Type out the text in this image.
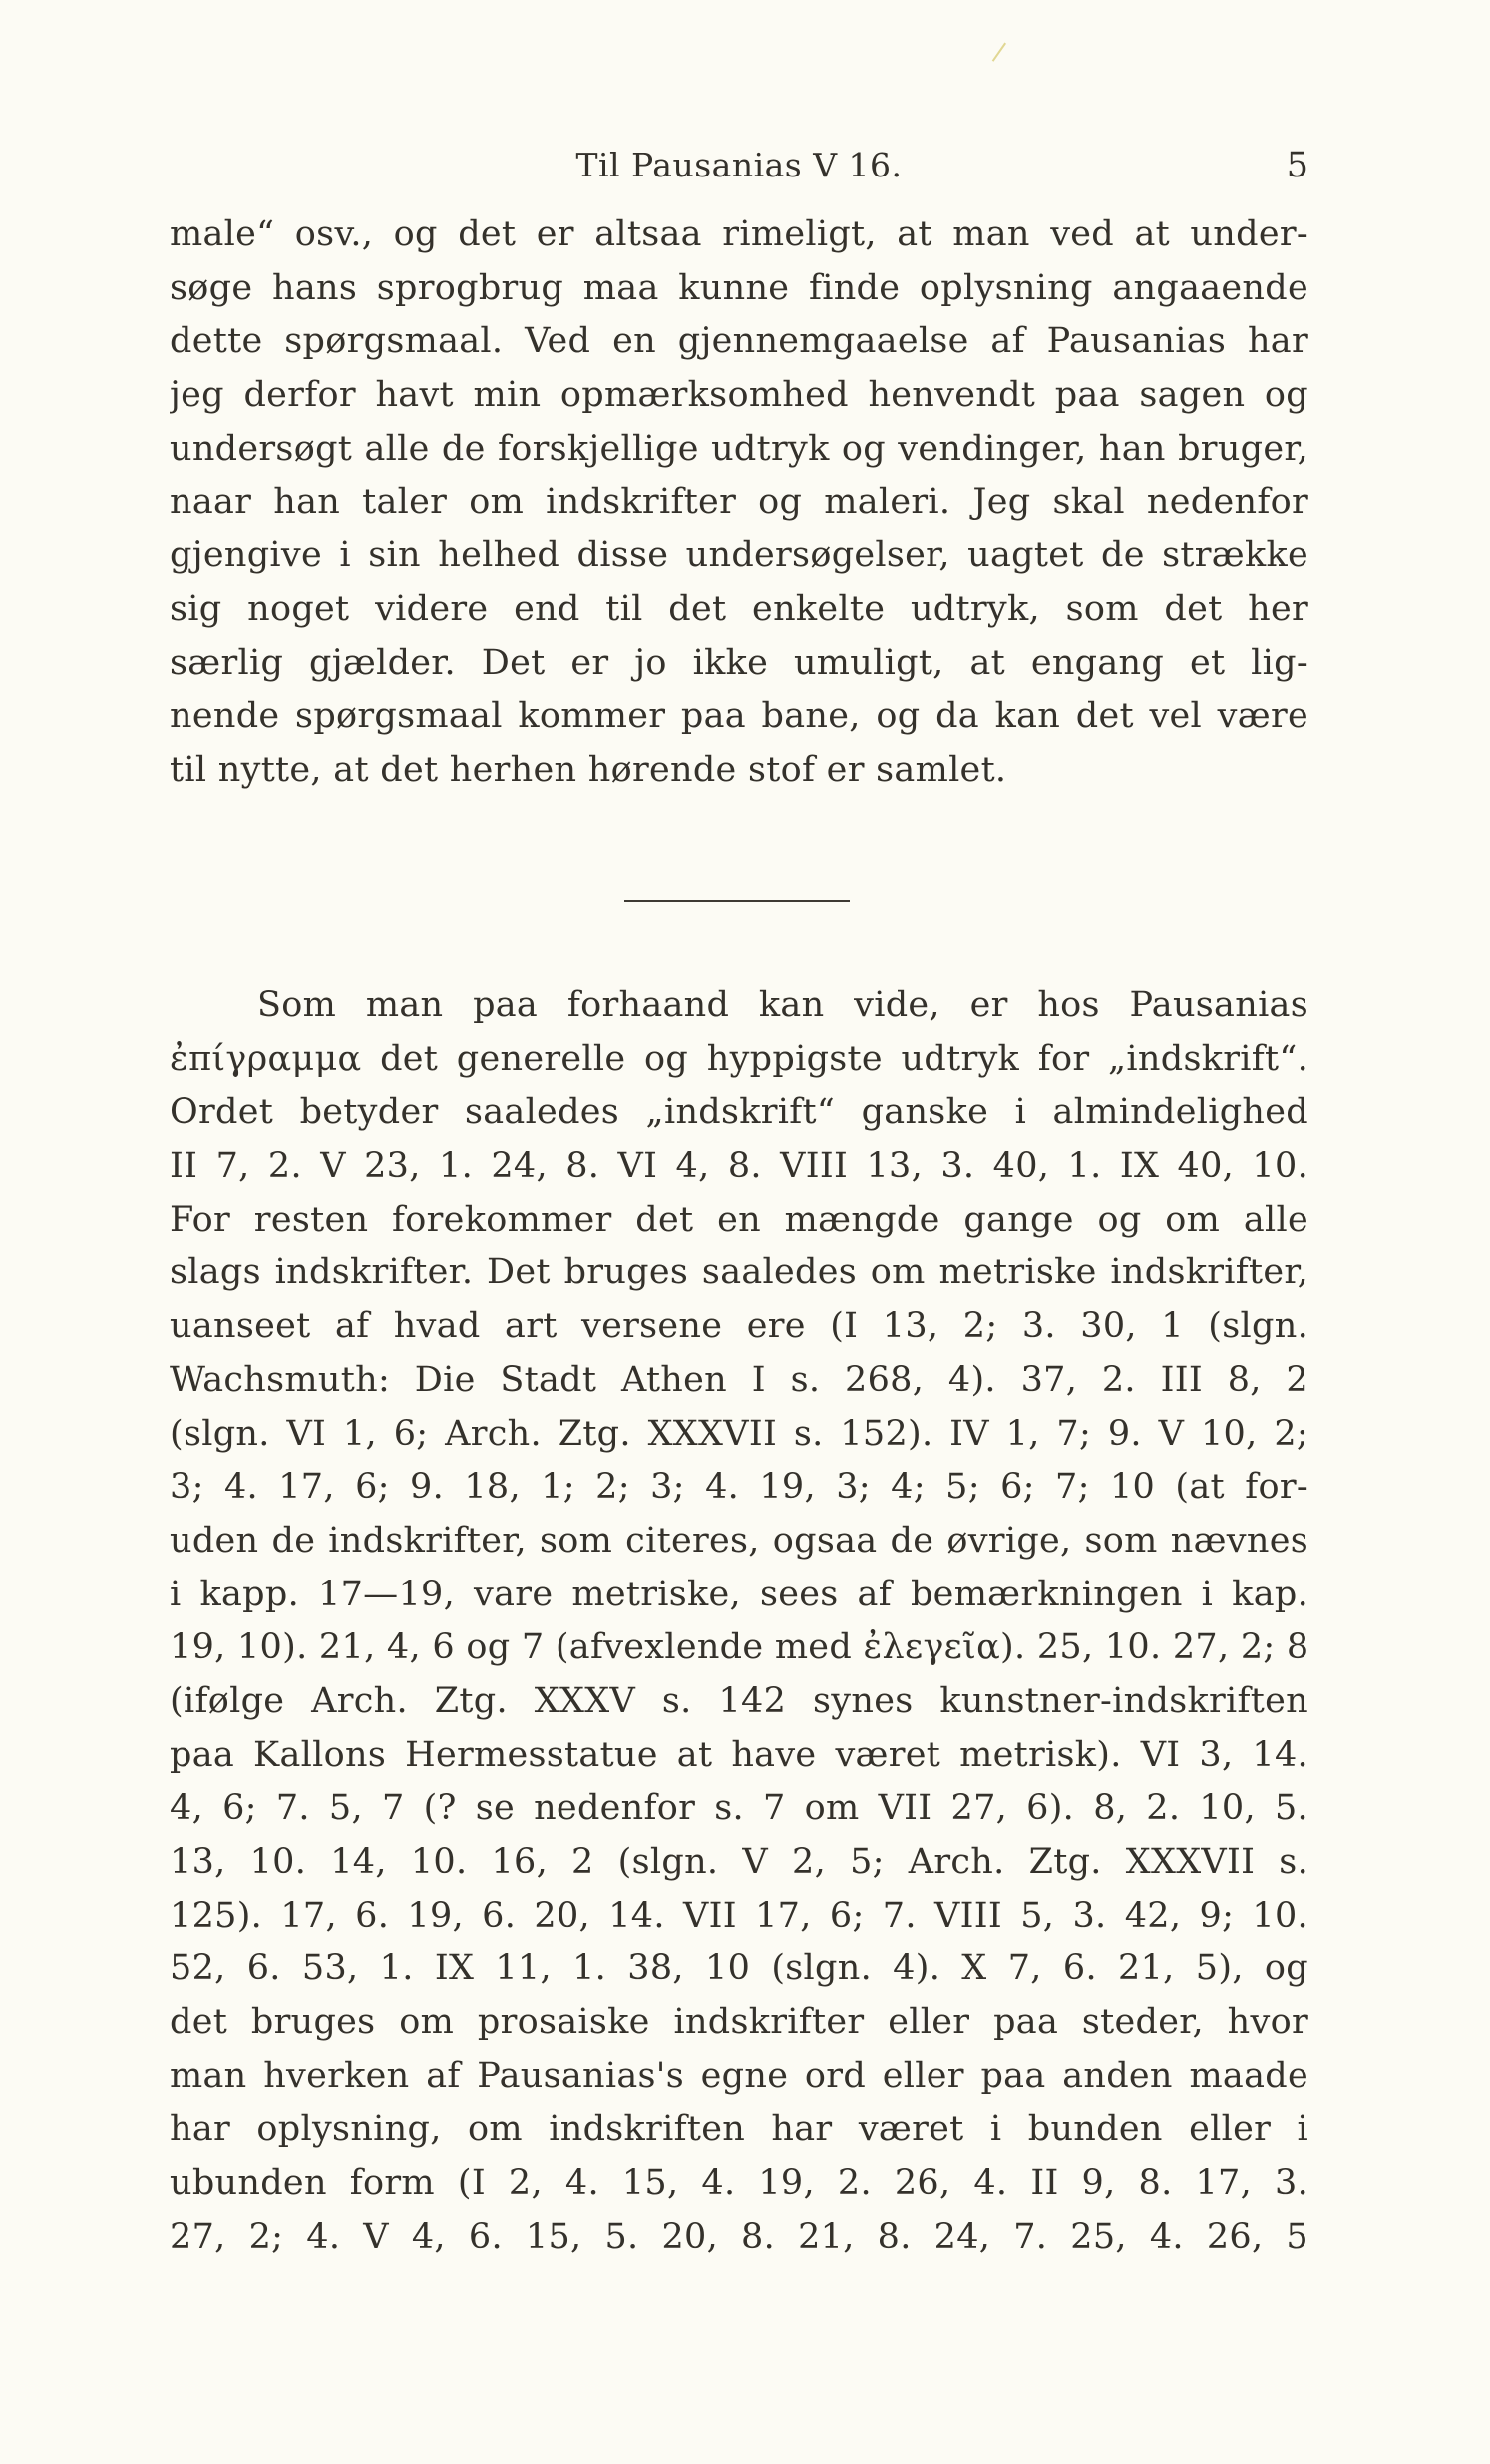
Til Pausanias V 16.	5
male“ osv., og det er altsaa rimeligt, at man ved at under-
søge hans sprogbrug maa kunne finde oplysning angaaende
dette spørgsmaal. Ved en gjennemgaaelse af Pausanias har
jeg derfor havt min opmærksomhed henvendt paa sagen og
undersøgt alle de forskjellige udtryk og vendinger, han bruger,
naar han taler om indskrifter og maleri. Jeg skal nedenfor
gjengive i sin helhed disse undersøgelser, uagtet de strække
sig noget videre end til det enkelte udtryk, som det her
særlig gjælder. Det er jo ikke umuligt, at engang et lig-
nende spørgsmaal kommer paa bane, og da kan det vel være
til nytte, at det herhen hørende stof er samlet.
Som man paa forhaand kan vide, er hos Pausanias
ἐπίγραμμα det generelle og hyppigste udtryk for „indskrift“.
Ordet betyder saaledes „indskrift“ ganske i almindelighed
II 7, 2. V 23, 1. 24, 8. VI 4, 8. VIII 13, 3. 40, 1. IX 40, 10.
For resten forekommer det en mængde gange og om alle
slags indskrifter. Det bruges saaledes om metriske indskrifter,
uanseet af hvad art versene ere (I 13, 2; 3. 30, 1 (slgn.
Wachsmuth: Die Stadt Athen I s. 268, 4). 37, 2. III 8, 2
(slgn. VI 1, 6; Arch. Ztg. XXXVII s. 152). IV 1, 7; 9. V 10, 2;
3; 4. 17, 6; 9. 18, 1; 2; 3; 4. 19, 3; 4; 5; 6; 7; 10 (at for-
uden de indskrifter, som citeres, ogsaa de øvrige, som nævnes
i kapp. 17—19, vare metriske, sees af bemærkningen i kap.
19, 10). 21, 4, 6 og 7 (afvexlende med ἐλεγεῖα). 25, 10. 27, 2; 8
(ifølge Arch. Ztg. XXXV s. 142 synes kunstner-indskriften
paa Kallons Hermesstatue at have været metrisk). VI 3, 14.
4, 6; 7. 5, 7 (? se nedenfor s. 7 om VII 27, 6). 8, 2. 10, 5.
13, 10. 14, 10. 16, 2 (slgn. V 2, 5; Arch. Ztg. XXXVII s.
125). 17, 6. 19, 6. 20, 14. VII 17, 6; 7. VIII 5, 3. 42, 9; 10.
52, 6. 53, 1. IX 11, 1. 38, 10 (slgn. 4). X 7, 6. 21, 5), og
det bruges om prosaiske indskrifter eller paa steder, hvor
man hverken af Pausanias's egne ord eller paa anden maade
har oplysning, om indskriften har været i bunden eller i
ubunden form (I 2, 4. 15, 4. 19, 2. 26, 4. II 9, 8. 17, 3.
27, 2; 4. V 4, 6. 15, 5. 20, 8. 21, 8. 24, 7. 25, 4. 26, 5
